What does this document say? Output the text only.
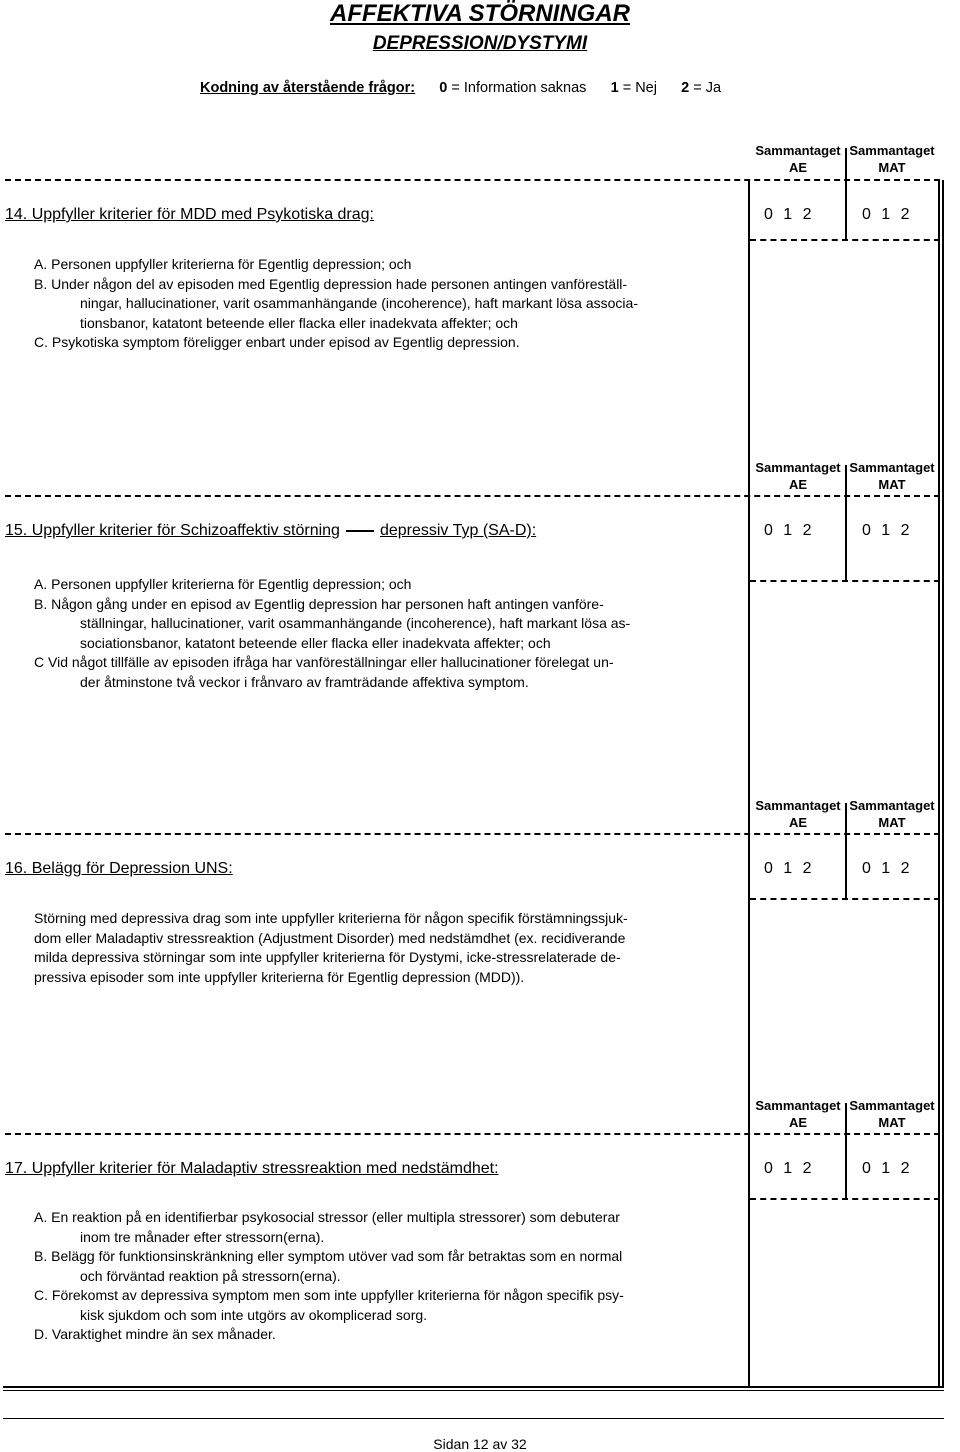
AFFEKTIVA STÖRNINGAR
DEPRESSION/DYSTYMI
Kodning av återstående frågor: 0 = Information saknas 1 = Nej 2 = Ja
Sammantaget
AE
Sammantaget
MAT
14. Uppfyller kriterier för MDD med Psykotiska drag:	0  1  2	0  1  2
A. Personen uppfyller kriterierna för Egentlig depression; och
B. Under någon del av episoden med Egentlig depression hade personen antingen vanföreställ-
ningar, hallucinationer, varit osammanhängande (incoherence), haft markant lösa associa-
tionsbanor, katatont beteende eller flacka eller inadekvata affekter; och
C. Psykotiska symptom föreligger enbart under episod av Egentlig depression.
Sammantaget
AE
Sammantaget
MAT
15. Uppfyller kriterier för Schizoaffektiv störning	depressiv Typ (SA-D):	0  1  2	0  1  2
A. Personen uppfyller kriterierna för Egentlig depression; och
B. Någon gång under en episod av Egentlig depression har personen haft antingen vanföre-
ställningar, hallucinationer, varit osammanhängande (incoherence), haft markant lösa as-
sociationsbanor, katatont beteende eller flacka eller inadekvata affekter; och
C Vid något tillfälle av episoden ifråga har vanföreställningar eller hallucinationer förelegat un-
der åtminstone två veckor i frånvaro av framträdande affektiva symptom.
Sammantaget
AE
Sammantaget
MAT
16. Belägg för Depression UNS:	0  1  2	0  1  2
Störning med depressiva drag som inte uppfyller kriterierna för någon specifik förstämningssjuk-
dom eller Maladaptiv stressreaktion (Adjustment Disorder) med nedstämdhet (ex. recidiverande
milda depressiva störningar som inte uppfyller kriterierna för Dystymi, icke-stressrelaterade de-
pressiva episoder som inte uppfyller kriterierna för Egentlig depression (MDD)).
Sammantaget
AE
Sammantaget
MAT
17. Uppfyller kriterier för Maladaptiv stressreaktion med nedstämdhet:	0  1  2	0  1  2
A. En reaktion på en identifierbar psykosocial stressor (eller multipla stressorer) som debuterar
inom tre månader efter stressorn(erna).
B. Belägg för funktionsinskränkning eller symptom utöver vad som får betraktas som en normal
och förväntad reaktion på stressorn(erna).
C. Förekomst av depressiva symptom men som inte uppfyller kriterierna för någon specifik psy-
kisk sjukdom och som inte utgörs av okomplicerad sorg.
D. Varaktighet mindre än sex månader.
Sidan 12 av 32
